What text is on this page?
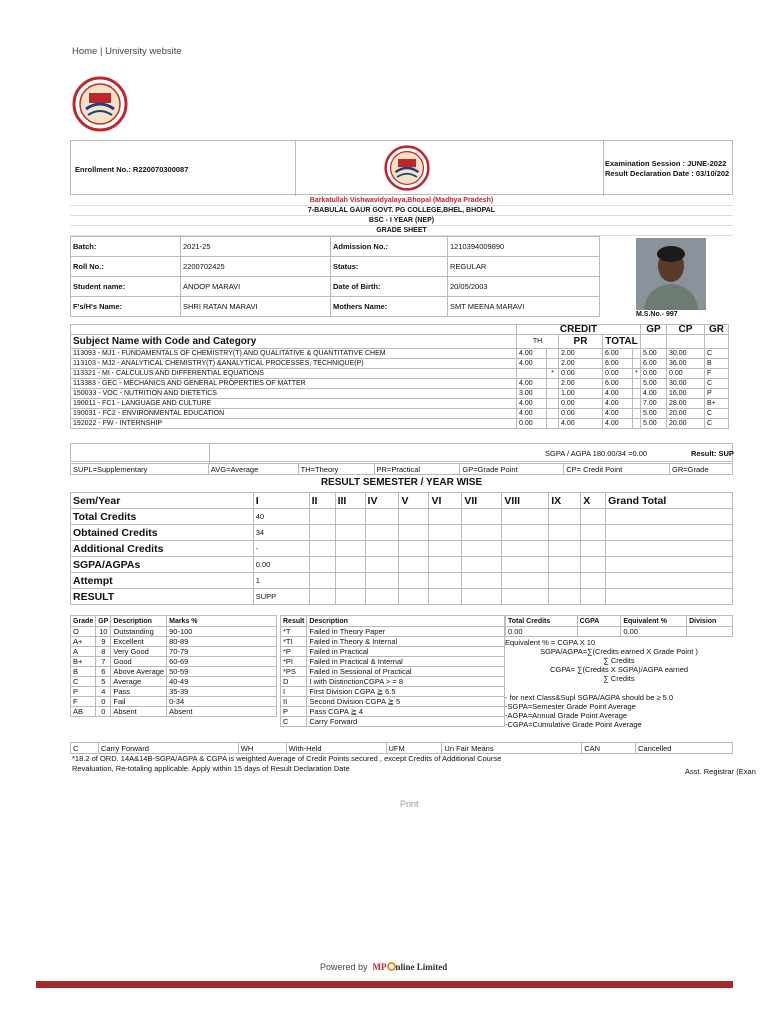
Home | University website
Enrollment No.: R220070300087
Examination Session : JUNE-2022
Result Declaration Date : 03/10/202
Barkatullah Vishwavidyalaya,Bhopal (Madhya Pradesh)
7-BABULAL GAUR GOVT. PG COLLEGE,BHEL, BHOPAL
BSC - I YEAR (NEP)
GRADE SHEET
Batch:	2021-25	Admission No.:	1210394009890
Roll No.:	2200702425	Status:	REGULAR
Student name:	ANOOP MARAVI	Date of Birth:	20/05/2003
F's/H's Name:	SHRI RATAN MARAVI	Mothers Name:	SMT MEENA MARAVI
M.S.No.- 997
	CREDIT					GP	CP	GR
Subject Name with Code and Category	TH		PR	TOTAL				
113093 - MJ1 - FUNDAMENTALS OF CHEMISTRY(T) AND QUALITATIVE & QUANTITATIVE CHEM	4.00		2.00	6.00		5.00	30.00	C
113103 - MJ2 - ANALYTICAL CHEMISTRY(T) &ANALYTICAL PROCESSES, TECHNIQUE(P)	4.00		2.00	6.00		6.00	36.00	B
113321 - MI - CALCULUS AND DIFFERENTIAL EQUATIONS		*	0.00	0.00	*	0.00	0.00	F
113383 - GEC - MECHANICS AND GENERAL PROPERTIES OF MATTER	4.00		2.00	6.00		5.00	30.00	C
150033 - VOC - NUTRITION AND DIETETICS	3.00		1.00	4.00		4.00	16.00	P
190011 - FC1 - LANGUAGE AND CULTURE	4.00		0.00	4.00		7.00	28.00	B+
190031 - FC2 - ENVIRONMENTAL EDUCATION	4.00		0.00	4.00		5.00	20.00	C
192022 - FW - INTERNSHIP	0.00		4.00	4.00		5.00	20.00	C
SGPA / AGPA 180.00/34 =0.00	Result: SUP
SUPL=Supplementary	AVG=Average	TH=Theory	PR=Practical	GP=Grade Point	CP= Credit Point	GR=Grade
RESULT SEMESTER / YEAR WISE
Sem/Year	I	II	III	IV	V	VI	VII	VIII	IX	X	Grand Total
Total Credits	40										
Obtained Credits	34										
Additional Credits	-										
SGPA/AGPAs	0.00										
Attempt	1										
RESULT	SUPP										
Grade	GP	Description	Marks %
O	10	Outstanding	90-100
A+	9	Excellent	80-89
A	8	Very Good	70-79
B+	7	Good	60-69
B	6	Above Average	50-59
C	5	Average	40-49
P	4	Pass	35-39
F	0	Fail	0-34
AB	0	Absent	Absent
Result	Description
*T	Failed in Theory Paper
*TI	Failed in Theory & Internal
*P	Failed in Practical
*PI	Failed in Practical & Internal
*PS	Failed in Sessional of Practical
D	I with DistinctionCGPA > = 8
I	First Division CGPA ≧ 6.5
II	Second Division CGPA ≧ 5
P	Pass CGPA ≧ 4
C	Carry Forward
Total Credits	CGPA	Equivalent %	Division
0.00		0.00	
Equivalent % = CGPA X 10
SGPA/AGPA=∑(Credits earned X Grade Point )
∑ Credits
CGPA= ∑(Credits X SGPA)/AGPA earned
∑ Credits
- for next Class&Supl SGPA/AGPA should be ≥ 5.0
-SGPA=Semester Grade Point Average
-AGPA=Annual Grade Point Average
-CGPA=Cumulative Grade Point Average
C	Carry Forward	WH	With-Held	UFM	Un Fair Means	CAN	Cancelled
*18.2 of ORD. 14A&14B-SGPA/AGPA & CGPA is weighted Average of Credit Points secured , except Credits of Additional Course
Revaluation, Re-totaling applicable. Apply within 15 days of Result Declaration Date	Asst. Registrar (Exan
Print
Powered by MP nline Limited
